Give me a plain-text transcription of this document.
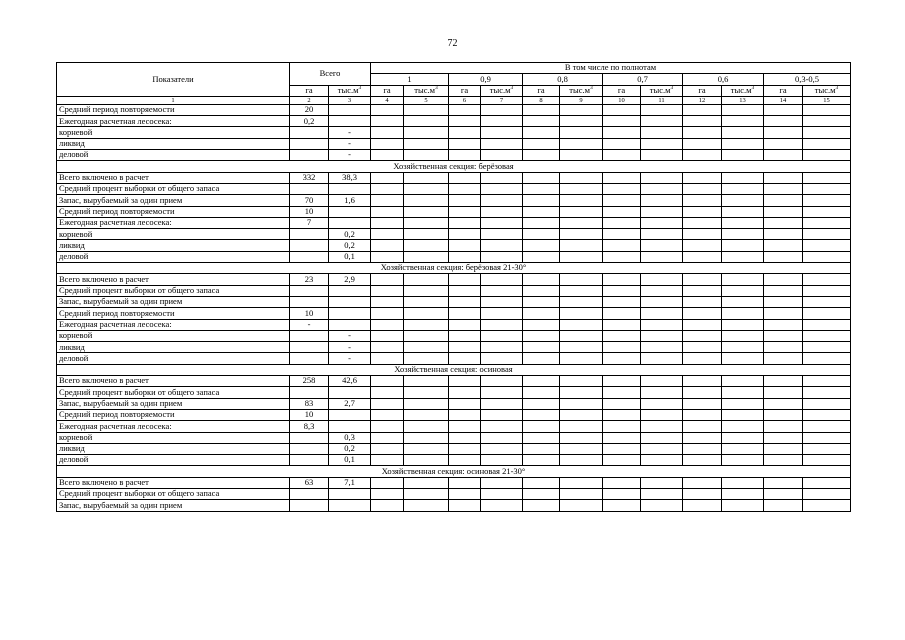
72
Показатели	Всего		В том числе по полнотам											
			1		0,9		0,8		0,7		0,6		0,3-0,5	
	га	$тыс.м^3$	га	$тыс.м^3$	га	$тыс.м^3$	га	$тыс.м^3$	га	$тыс.м^3$	га	$тыс.м^3$	га	$тыс.м^3$
1	2	3	4	5	6	7	8	9	10	11	12	13	14	15
Средний период повторяемости	20													
Ежегодная расчетная лесосека:	0,2													
корневой		-												
ликвид		-												
деловой		-												
Хозяйственная секция: берёзовая														
Всего включено в расчет	332	38,3												
Средний процент выборки от общего запаса														
Запас, вырубаемый за один прием	70	1,6												
Средний период повторяемости	10													
Ежегодная расчетная лесосека:	7													
корневой		0,2												
ликвид		0,2												
деловой		0,1												
Хозяйственная секция: берёзовая 21-30°														
Всего включено в расчет	23	2,9												
Средний процент выборки от общего запаса														
Запас, вырубаемый за один прием														
Средний период повторяемости	10													
Ежегодная расчетная лесосека:	-													
корневой		-												
ликвид		-												
деловой		-												
Хозяйственная секция: осиновая														
Всего включено в расчет	258	42,6												
Средний процент выборки от общего запаса														
Запас, вырубаемый за один прием	83	2,7												
Средний период повторяемости	10													
Ежегодная расчетная лесосека:	8,3													
корневой		0,3												
ликвид		0,2												
деловой		0,1												
Хозяйственная секция: осиновая 21-30°														
Всего включено в расчет	63	7,1												
Средний процент выборки от общего запаса														
Запас, вырубаемый за один прием														
